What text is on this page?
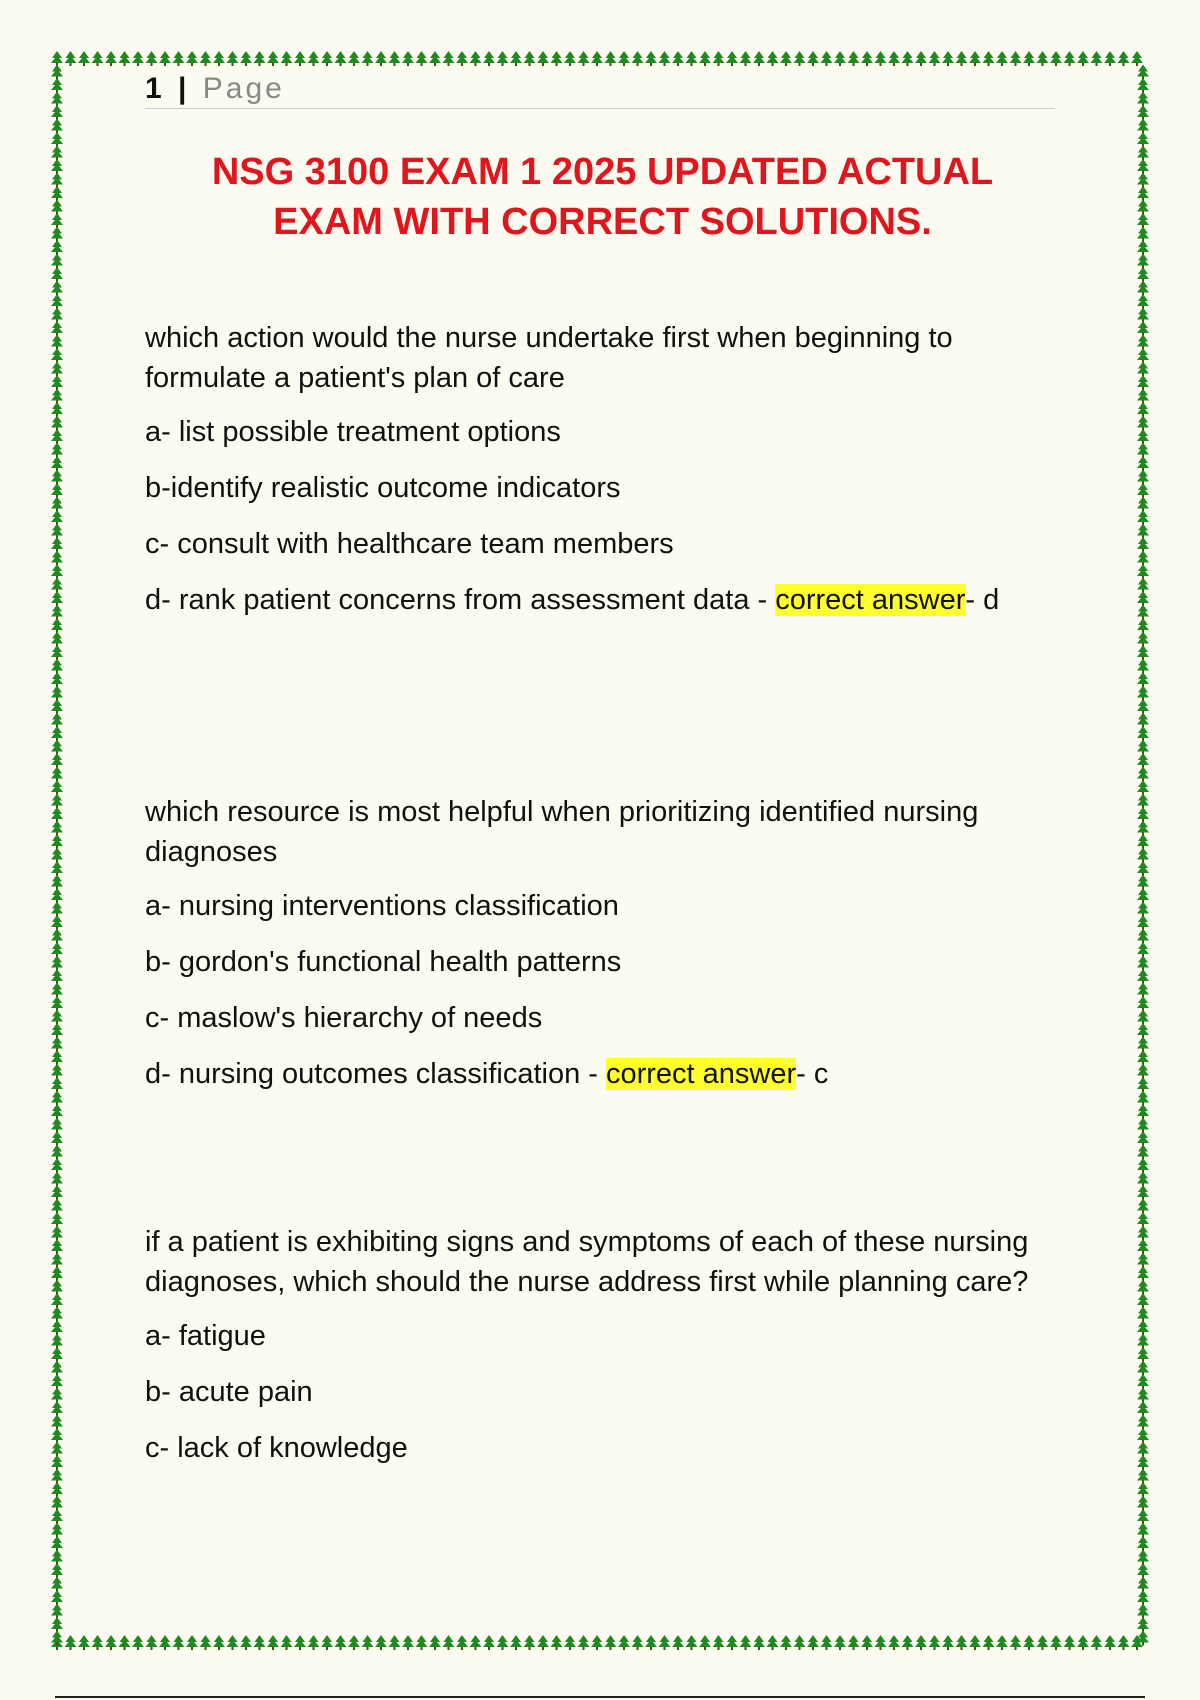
1 | Page
NSG 3100 EXAM 1 2025 UPDATED ACTUAL
EXAM WITH CORRECT SOLUTIONS.

which action would the nurse undertake first when beginning to formulate a patient's plan of care

a- list possible treatment options

b-identify realistic outcome indicators

c- consult with healthcare team members

d- rank patient concerns from assessment data - correct answer- d

which resource is most helpful when prioritizing identified nursing diagnoses

a- nursing interventions classification

b- gordon's functional health patterns

c- maslow's hierarchy of needs

d- nursing outcomes classification - correct answer- c

if a patient is exhibiting signs and symptoms of each of these nursing diagnoses, which should the nurse address first while planning care?

a- fatigue

b- acute pain

c- lack of knowledge
